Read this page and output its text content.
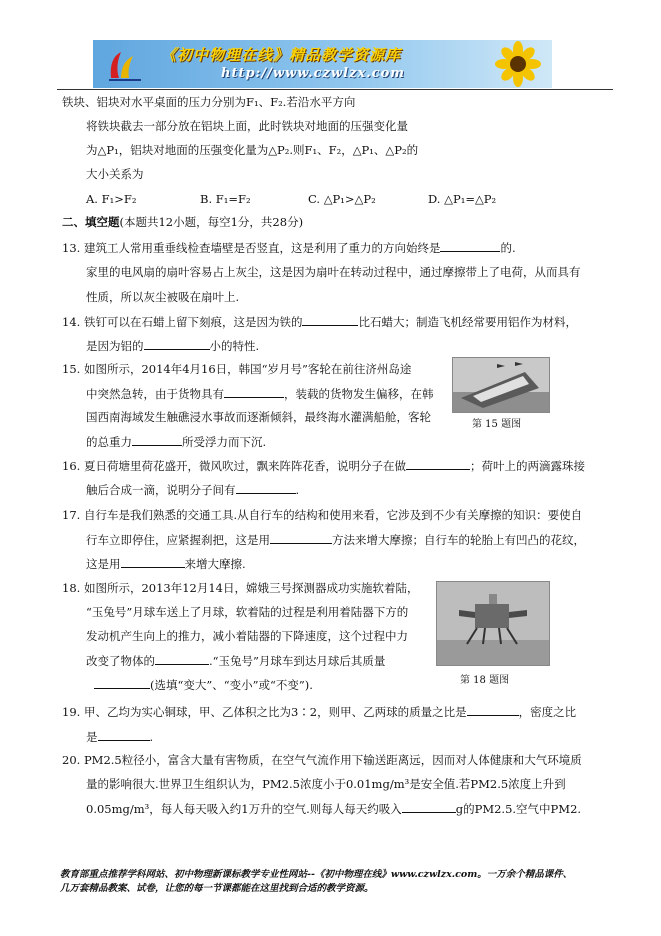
《初中物理在线》精品教学资源库
http://www.czwlzx.com
铁块、铝块对水平桌面的压力分别为F₁、F₂.若沿水平方向
将铁块截去一部分放在铝块上面，此时铁块对地面的压强变化量
为△P₁，铝块对地面的压强变化量为△P₂.则F₁、F₂，△P₁、△P₂的
大小关系为
A. F₁>F₂	B. F₁=F₂	C. △P₁>△P₂	D. △P₁=△P₂
二、填空题(本题共12小题，每空1分，共28分)
13. 建筑工人常用重垂线检查墙壁是否竖直，这是利用了重力的方向始终是	的.
家里的电风扇的扇叶容易占上灰尘，这是因为扇叶在转动过程中，通过摩擦带上了电荷，从而具有
性质，所以灰尘被吸在扇叶上.
14. 铁钉可以在石蜡上留下刻痕，这是因为铁的	比石蜡大；制造飞机经常要用铝作为材料，
是因为铝的	小的特性.
15. 如图所示，2014年4月16日，韩国“岁月号”客轮在前往济州岛途
中突然急转，由于货物具有	，装载的货物发生偏移，在韩
国西南海域发生触礁浸水事故而逐渐倾斜，最终海水灌满船舱，客轮
的总重力	所受浮力而下沉.
第 15 题图
16. 夏日荷塘里荷花盛开，微风吹过，飘来阵阵花香，说明分子在做	；荷叶上的两滴露珠接
触后合成一滴，说明分子间有	.
17. 自行车是我们熟悉的交通工具.从自行车的结构和使用来看，它涉及到不少有关摩擦的知识：要使自
行车立即停住，应紧握刹把，这是用	方法来增大摩擦；自行车的轮胎上有凹凸的花纹，
这是用	来增大摩擦.
18. 如图所示，2013年12月14日，嫦娥三号探测器成功实施软着陆，
“玉兔号”月球车送上了月球，软着陆的过程是利用着陆器下方的
发动机产生向上的推力，减小着陆器的下降速度，这个过程中力
改变了物体的	.“玉兔号”月球车到达月球后其质量
(选填“变大”、“变小”或“不变”).	第 18 题图
19. 甲、乙均为实心铜球，甲、乙体积之比为3∶2，则甲、乙两球的质量之比是	，密度之比
是	.
20. PM2.5粒径小，富含大量有害物质，在空气气流作用下输送距离远，因而对人体健康和大气环境质
量的影响很大.世界卫生组织认为，PM2.5浓度小于0.01mg/m³是安全值.若PM2.5浓度上升到
0.05mg/m³，每人每天吸入约1万升的空气.则每人每天约吸入	g的PM2.5.空气中PM2.
教育部重点推荐学科网站、初中物理新课标教学专业性网站--《初中物理在线》www.czwlzx.com。一万余个精品课件、
几万套精品教案、试卷，让您的每一节课都能在这里找到合适的教学资源。
